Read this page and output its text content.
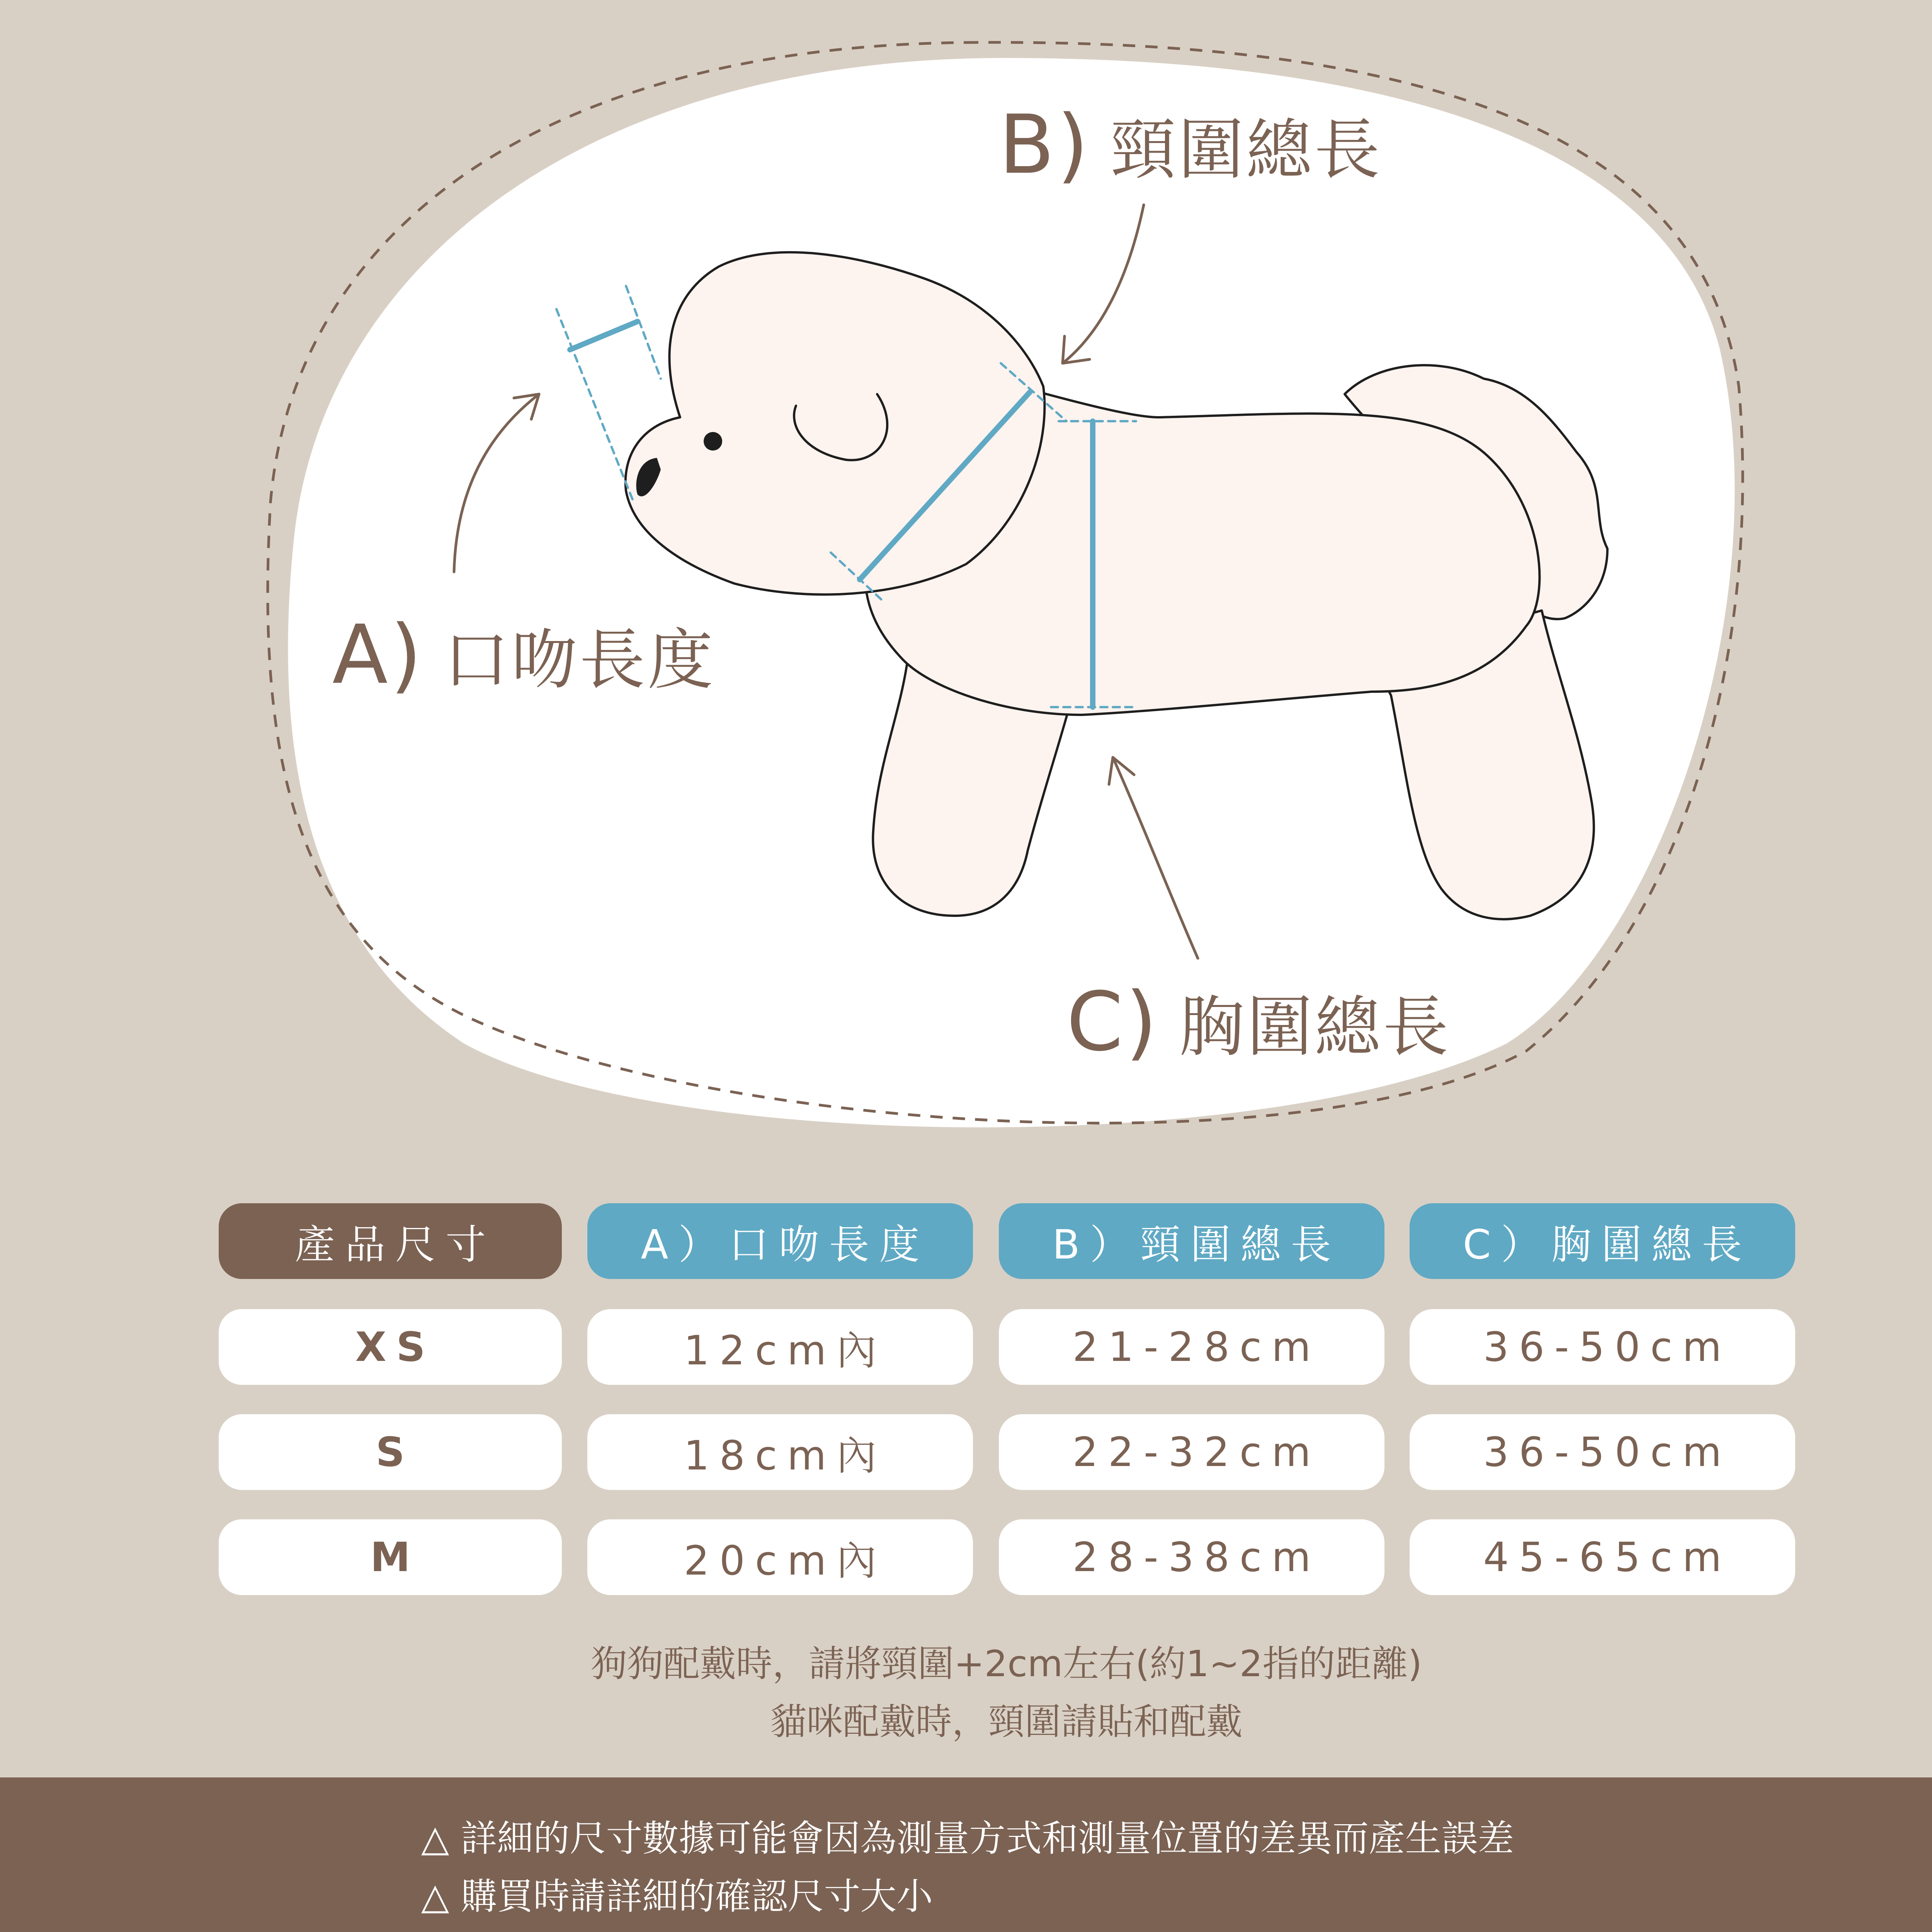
A) 口吻長度
B) 頸圍總長
C) 胸圍總長
產品尺寸	A）口吻長度	B）頸圍總長	C）胸圍總長
XS	12cm內	21-28cm	36-50cm
S	18cm內	22-32cm	36-50cm
M	20cm內	28-38cm	45-65cm
狗狗配戴時，請將頸圍+2cm左右(約1~2指的距離)
貓咪配戴時，頸圍請貼和配戴
△ 詳細的尺寸數據可能會因為測量方式和測量位置的差異而產生誤差
△ 購買時請詳細的確認尺寸大小
